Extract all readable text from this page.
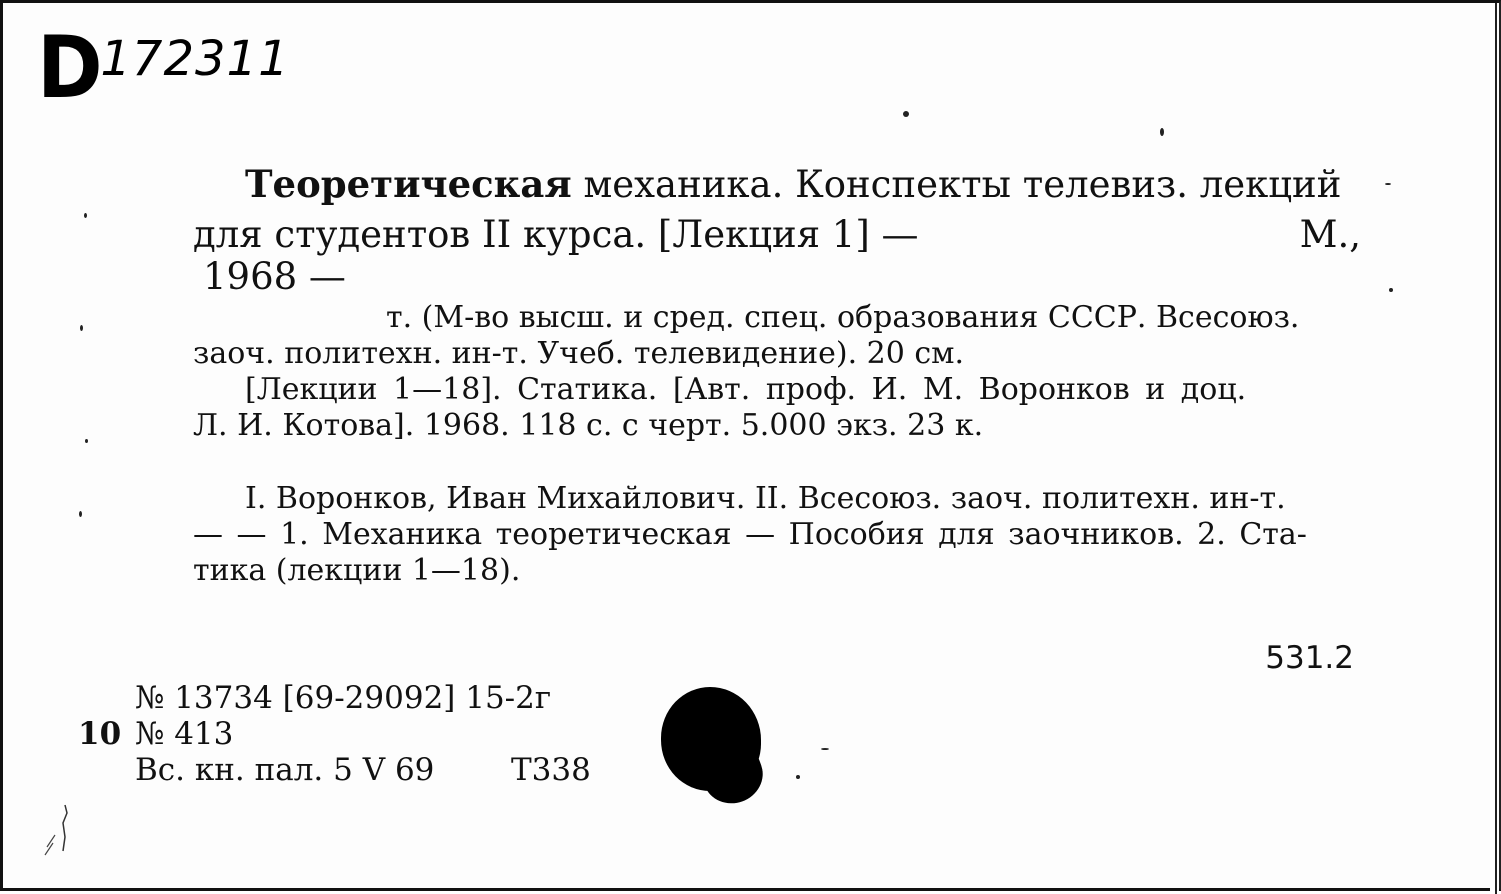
D172311
Теоретическая механика. Конспекты телевиз. лекций
для студентов II курса. [Лекция 1] —	М.,
1968 —
т. (М-во высш. и сред. спец. образования СССР. Всесоюз.
заоч. политехн. ин-т. Учеб. телевидение). 20 см.
[Лекции 1—18]. Статика. [Авт. проф. И. М. Воронков и доц.
Л. И. Котова]. 1968. 118 с. с черт. 5.000 экз. 23 к.
I. Воронков, Иван Михайлович. II. Всесоюз. заоч. политехн. ин-т.
— — 1. Механика теоретическая — Пособия для заочников. 2. Ста-
тика (лекции 1—18).
531.2
№ 13734 [69-29092] 15-2г
10 № 413
Вс. кн. пал. 5 V 69 Т338
